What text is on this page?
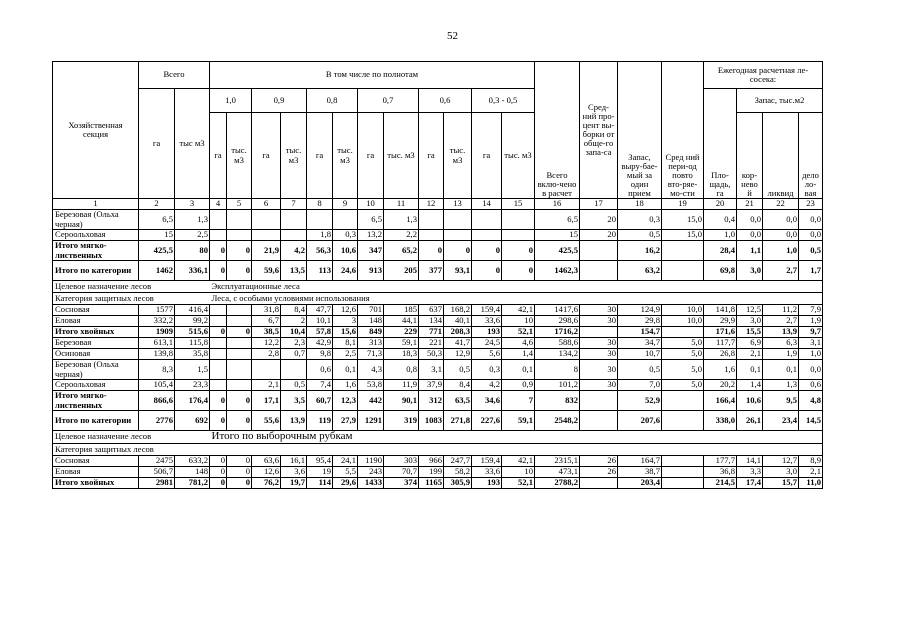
52
Хозяйственная секция	Всего		В том числе по полнотам												Всего вклю-чено в расчет	Сред-ний про-цент вы-борки от обще-го запа-са	Запас, выру-бае-мый за один прием	Сред ний пери-од повто вто-ряе-мо-сти	Ежегодная расчетная ле-сосека:			
	га	тыс м3	1,0		0,9		0,8		0,7		0,6		0,3 - 0,5						Пло-щадь, га	Запас, тыс.м2		
			га	тыс. м3	га	тыс. м3	га	тыс. м3	га	тыс. м3	га	тыс. м3	га	тыс. м3						кор-нево й	ликвид	дело ло-вая
1	2	3	4	5	6	7	8	9	10	11	12	13	14	15	16	17	18	19	20	21	22	23
Березовая (Ольха черная)	6,5	1,3							6,5	1,3					6,5	20	0,3	15,0	0,4	0,0	0,0	0,0
Сероольховая	15	2,5					1,8	0,3	13,2	2,2					15	20	0,5	15,0	1,0	0,0	0,0	0,0
Итого мягко-лиственных	425,5	80	0	0	21,9	4,2	56,3	10,6	347	65,2	0	0	0	0	425,5		16,2		28,4	1,1	1,0	0,5
Итого по категории	1462	336,1	0	0	59,6	13,5	113	24,6	913	205	377	93,1	0	0	1462,3		63,2		69,8	3,0	2,7	1,7
Целевое назначение лесов			Эксплуатационные леса																			
Категория защитных лесов			Леса, с особыми условиями использования																			
Сосновая	1577	416,4			31,8	8,4	47,7	12,6	701	185	637	168,2	159,4	42,1	1417,6	30	124,9	10,0	141,8	12,5	11,2	7,9
Еловая	332,2	99,2			6,7	2	10,1	3	148	44,1	134	40,1	33,6	10	298,6	30	29,8	10,0	29,9	3,0	2,7	1,9
Итого хвойных	1909	515,6	0	0	38,5	10,4	57,8	15,6	849	229	771	208,3	193	52,1	1716,2		154,7		171,6	15,5	13,9	9,7
Березовая	613,1	115,8			12,2	2,3	42,9	8,1	313	59,1	221	41,7	24,5	4,6	588,6	30	34,7	5,0	117,7	6,9	6,3	3,1
Осиновая	139,8	35,8			2,8	0,7	9,8	2,5	71,3	18,3	50,3	12,9	5,6	1,4	134,2	30	10,7	5,0	26,8	2,1	1,9	1,0
Березовая (Ольха черная)	8,3	1,5					0,6	0,1	4,3	0,8	3,1	0,5	0,3	0,1	8	30	0,5	5,0	1,6	0,1	0,1	0,0
Сероольховая	105,4	23,3			2,1	0,5	7,4	1,6	53,8	11,9	37,9	8,4	4,2	0,9	101,2	30	7,0	5,0	20,2	1,4	1,3	0,6
Итого мягко-лиственных	866,6	176,4	0	0	17,1	3,5	60,7	12,3	442	90,1	312	63,5	34,6	7	832		52,9		166,4	10,6	9,5	4,8
Итого по категории	2776	692	0	0	55,6	13,9	119	27,9	1291	319	1083	271,8	227,6	59,1	2548,2		207,6		338,0	26,1	23,4	14,5
Целевое назначение лесов			Итого по выборочным рубкам																			
Категория защитных лесов																						
Сосновая	2475	633,2	0	0	63,6	16,1	95,4	24,1	1190	303	966	247,7	159,4	42,1	2315,1	26	164,7		177,7	14,1	12,7	8,9
Еловая	506,7	148	0	0	12,6	3,6	19	5,5	243	70,7	199	58,2	33,6	10	473,1	26	38,7		36,8	3,3	3,0	2,1
Итого хвойных	2981	781,2	0	0	76,2	19,7	114	29,6	1433	374	1165	305,9	193	52,1	2788,2		203,4		214,5	17,4	15,7	11,0
